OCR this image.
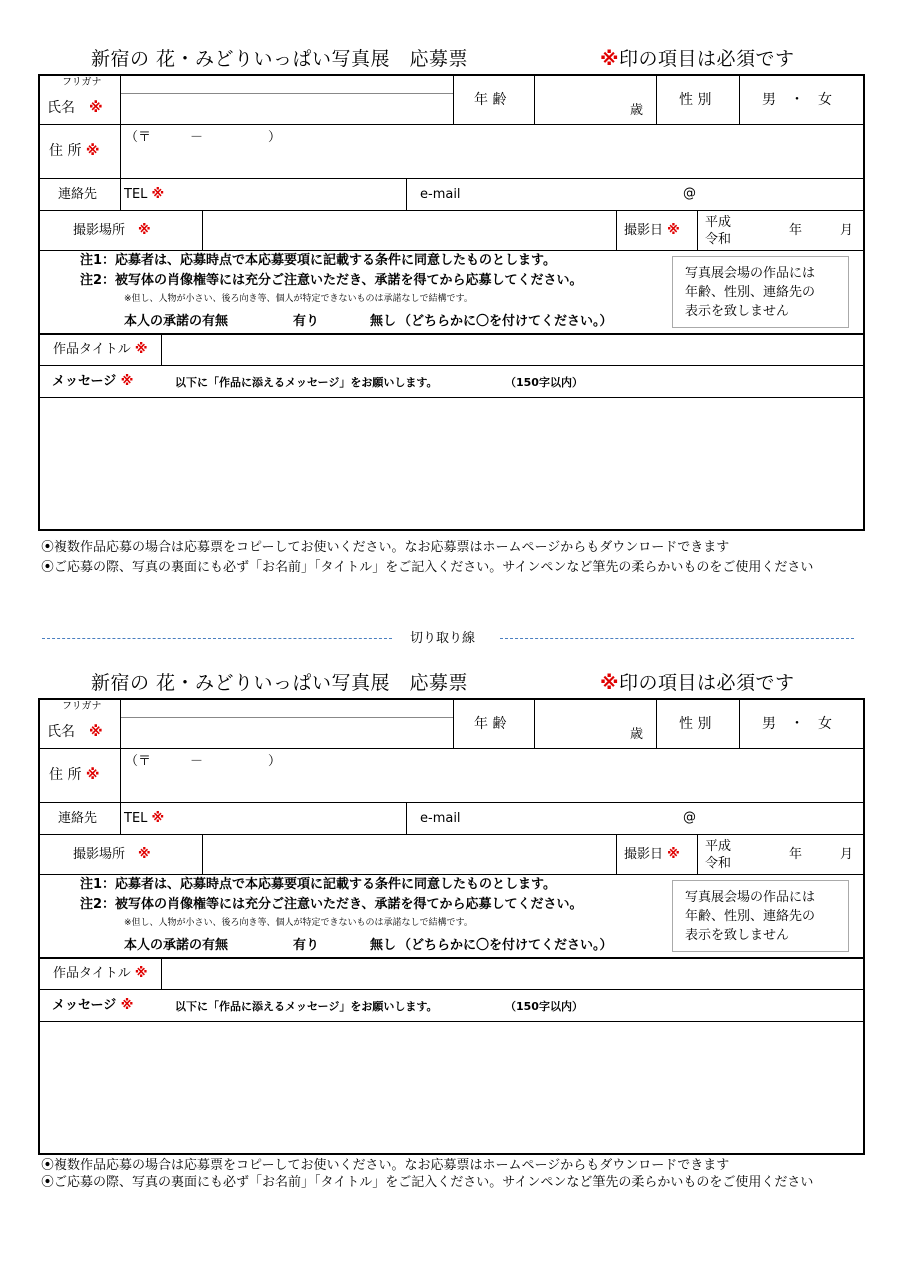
新宿の 花・みどりいっぱい写真展　応募票	※印の項目は必須です
フリガナ
氏名　 ※	年 齢
歳
性 別	男　・　女
住 所 ※
（〒　　　－　　　　　）
連絡先 TEL ※	e-mail	@
撮影場所　 ※	撮影日 ※
平成
令和
年	月
注1：応募者は、応募時点で本応募要項に記載する条件に同意したものとします。
注2：被写体の肖像権等には充分ご注意いただき、承諾を得てから応募してください。
※但し、人物が小さい、後ろ向き等、個人が特定できないものは承諾なしで結構です。
本人の承諾の有無	有り	無し （どちらかに〇を付けてください。）
写真展会場の作品には
年齢、性別、連絡先の
表示を致しません
作品タイトル ※
メッセージ ※	以下に「作品に添えるメッセージ」をお願いします。	（150字以内）
⦿複数作品応募の場合は応募票をコピーしてお使いください。なお応募票はホームページからもダウンロードできます
⦿ご応募の際、写真の裏面にも必ず「お名前」「タイトル」をご記入ください。サインペンなど筆先の柔らかいものをご使用ください
切り取り線
新宿の 花・みどりいっぱい写真展　応募票	※印の項目は必須です
フリガナ
氏名　 ※	年 齢
歳
性 別	男　・　女
住 所 ※
（〒　　　－　　　　　）
連絡先 TEL ※	e-mail	@
撮影場所　 ※	撮影日 ※
平成
令和
年	月
注1：応募者は、応募時点で本応募要項に記載する条件に同意したものとします。
注2：被写体の肖像権等には充分ご注意いただき、承諾を得てから応募してください。
※但し、人物が小さい、後ろ向き等、個人が特定できないものは承諾なしで結構です。
本人の承諾の有無	有り	無し （どちらかに〇を付けてください。）
写真展会場の作品には
年齢、性別、連絡先の
表示を致しません
作品タイトル ※
メッセージ ※	以下に「作品に添えるメッセージ」をお願いします。	（150字以内）
⦿複数作品応募の場合は応募票をコピーしてお使いください。なお応募票はホームページからもダウンロードできます
⦿ご応募の際、写真の裏面にも必ず「お名前」「タイトル」をご記入ください。サインペンなど筆先の柔らかいものをご使用ください
